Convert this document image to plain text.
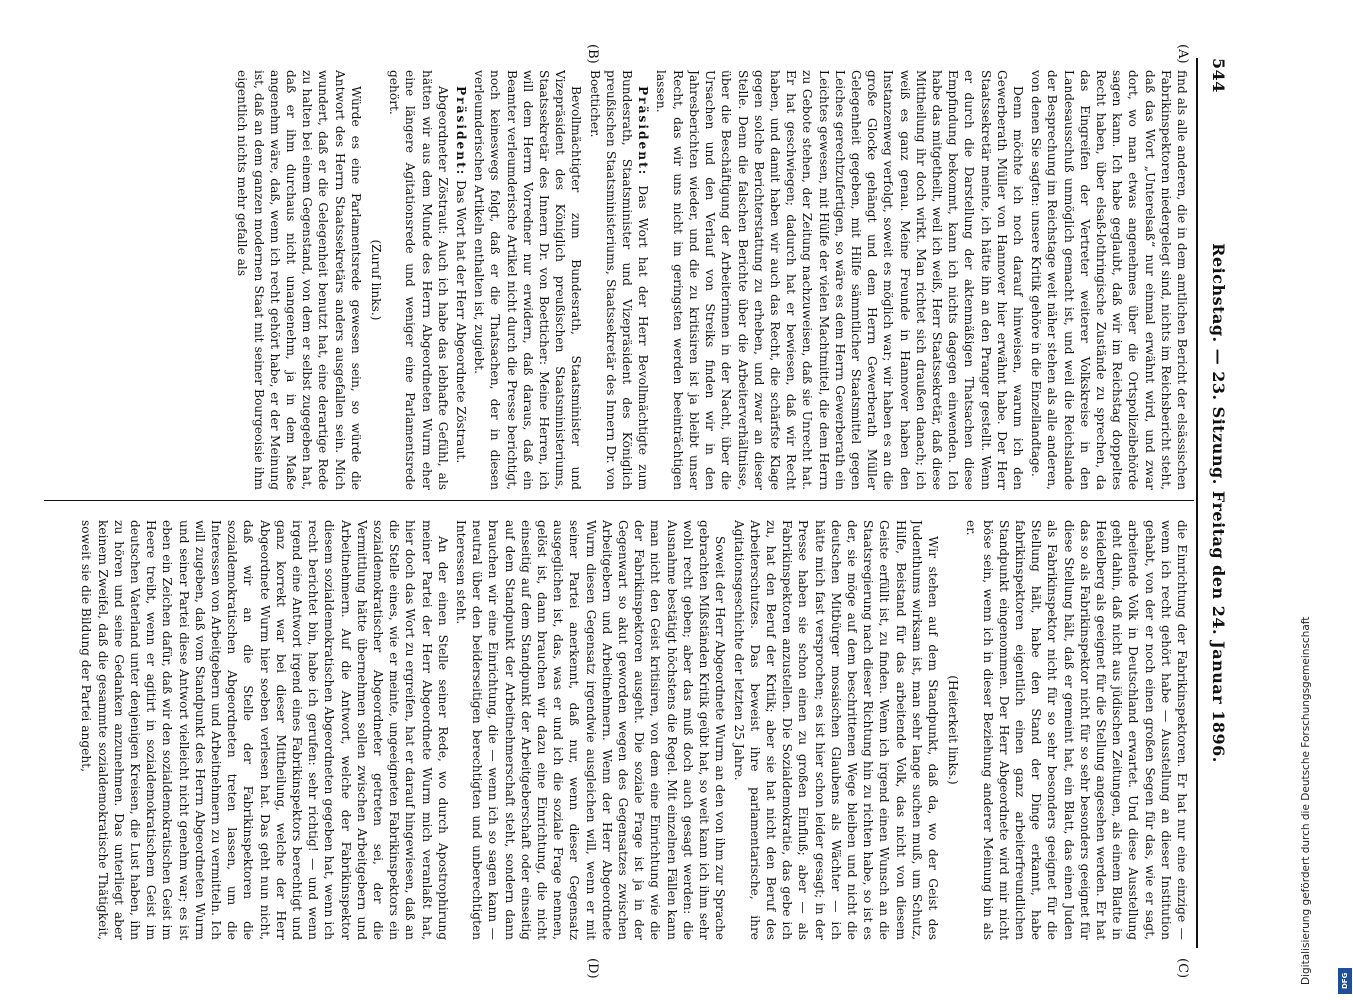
544
Reichstag. — 23. Sitzung. Freitag den 24. Januar 1896.
(A)
(B)
(C)
(D)

find als alle anderen, die in dem amtlichen Bericht der elsässischen Fabrikinspektoren niedergelegt sind, nichts im Reichsbericht steht, daß das Wort „Unterelsaß“ nur einmal erwähnt wird, und zwar dort, wo man etwas angenehmes über die Ortspolizeibehörde sagen kann. Ich habe geglaubt, daß wir im Reichstag doppeltes Recht haben, über elsaß-lothringische Zustände zu sprechen, da das Eingreifen der Vertreter weiterer Volkskreise in den Landesausschuß unmöglich gemacht ist, und weil die Reichslande der Besprechung im Reichstage weit näher stehen als alle anderen, von denen Sie sagten: unsere Kritik gehöre in die Einzellandtage.

Denn möchte ich noch darauf hinweisen, warum ich den Gewerberath Müller von Hannover hier erwähnt habe. Der Herr Staatssekretär meinte, ich hätte ihn an den Pranger gestellt. Wenn er durch die Darstellung der aktenmäßigen Thatsachen diese Empfindung bekommt, kann ich nichts dagegen einwenden. Ich habe das mitgetheilt, weil ich weiß, Herr Staatssekretär, daß diese Mittheilung ihr doch wirkt. Man richtet sich draußen danach; ich weiß es ganz genau. Meine Freunde in Hannover haben den Instanzenweg verfolgt, soweit es möglich war; wir haben es an die große Glocke gehängt und dem Herrn Gewerberath Müller Gelegenheit gegeben, mit Hilfe sämmtlicher Staatsmittel gegen Leiches gerechtzufertigen, so wäre es dem Herrn Gewerberath ein Leichtes gewesen, mit Hülfe der vielen Machtmittel, die dem Herrn zu Gebote stehen, der Zeitung nachzuweisen, daß sie Unrecht hat. Er hat geschwiegen; dadurch hat er bewiesen, daß wir Recht haben, und damit haben wir auch das Recht, die schärfste Klage gegen solche Berichterstattung zu erheben, und zwar an dieser Stelle. Denn die falschen Berichte über die Arbeiterverhältnisse, über die Beschäftigung der Arbeiterinnen in der Nacht, über die Ursachen und den Verlauf von Streiks finden wir in den Jahresberichten wieder, und die zu kritisiren ist ja bleibt unser Recht, das wir uns nicht im geringsten werden beeinträchtigen lassen.

Präsident: Das Wort hat der Herr Bevollmächtigte zum Bundesrath, Staatsminister und Vizepräsident des Königlich preußischen Staatsministeriums, Staatssekretär des Innern Dr. von Boetticher.

Bevollmächtigter zum Bundesrath, Staatsminister und Vizepräsident des Königlich preußischen Staatsministeriums, Staatssekretär des Innern Dr. von Boetticher: Meine Herren, ich will dem Herrn Vorredner nur erwidern, daß daraus, daß ein Beamter verleumderische Artikel nicht durch die Presse berichtigt, noch keineswegs folgt, daß er die Thatsachen, der in diesen verleumderischen Artikeln enthalten ist, zugiebt.

Präsident: Das Wort hat der Herr Abgeordnete Zöstraut.

Abgeordneter Zöstraut: Auch ich habe das lebhafte Gefühl, als hätten wir aus dem Munde des Herrn Abgeordneten Wurm eher eine längere Agitationsrede und weniger eine Parlamentsrede gehört.

(Zuruf links.)

Würde es eine Parlamentsrede gewesen sein, so würde die Antwort des Herrn Staatssekretärs anders ausgefallen sein. Mich wundert, daß er die Gelegenheit benutzt hat, eine derartige Rede zu halten bei einem Gegenstand, von dem er selbst zugegeben hat, daß er ihm durchaus nicht unangenehm, ja in dem Maße angenehm wäre, daß, wenn ich recht gehört habe, er der Meinung ist, daß an dem ganzen modernen Staat mit seiner Bourgeoisie ihm eigentlich nichts mehr gefalle als

die Einrichtung der Fabrikinspektoren. Er hat nur eine einzige — wenn ich recht gehört habe — Ausstellung an dieser Institution gehabt, von der er noch einen großen Segen für das, wie er sagt, arbeitende Volk in Deutschland erwartet. Und diese Ausstellung geht dahin, daß nicht aus jüdischen Zeitungen, als einem Blatte in Heidelberg als geeignet für die Stellung angesehen werden. Er hat das so als Fabrikinspektor nicht für so sehr besonders geeignet für diese Stellung hält, daß er gemeint hat, ein Blatt, das einen Juden als Fabrikinspektor nicht für so sehr besonders geeignet für die Stellung hält, habe den Stand der Dinge erkannt, habe fabrikinspektoren eigentlich einen ganz arbeiterfreundlichen Standpunkt eingenommen. Der Herr Abgeordnete wird mir nicht böse sein, wenn ich in dieser Beziehung anderer Meinung bin als er.

(Heiterkeit links.)

Wir stehen auf dem Standpunkt, daß da, wo der Geist des Judenthums wirksam ist, man sehr lange suchen muß, um Schutz, Hilfe, Beistand für das arbeitende Volk, das nicht von diesem Geiste erfüllt ist, zu finden. Wenn ich irgend einen Wunsch an die Staatsregierung nach dieser Richtung hin zu richten habe, so ist es der, sie möge auf dem beschrittenen Wege bleiben und nicht die deutschen Mitbürger mosaischen Glaubens als Wächter — ich hätte mich fast versprochen; es ist hier schon leider gesagt; in der Presse haben sie schon einen zu großen Einfluß; aber — als Fabrikinspektoren anzustellen. Die Sozialdemokratie, das gebe ich zu, hat den Beruf der Kritik; aber sie hat nicht den Beruf des Arbeiterschutzes. Das beweist ihre parlamentarische, ihre Agitationsgeschichte der letzten 25 Jahre.

Soweit der Herr Abgeordnete Wurm an den von ihm zur Sprache gebrachten Mißständen Kritik geübt hat, so weit kann ich ihm sehr wohl recht geben; aber das muß doch auch gesagt werden: die Ausnahme bestätigt höchstens die Regel. Mit einzelnen Fällen kann man nicht den Geist kritisiren, von dem eine Einrichtung wie die der Fabrikinspektoren ausgeht. Die soziale Frage ist ja in der Gegenwart so akut geworden wegen des Gegensatzes zwischen Arbeitgebern und Arbeitnehmern. Wenn der Herr Abgeordnete Wurm diesen Gegensatz irgendwie ausgleichen will, wenn er mit seiner Partei anerkennt, daß nur, wenn dieser Gegensatz ausgeglichen ist, das, was er und ich die soziale Frage nennen, gelöst ist, dann brauchen wir dazu eine Einrichtung, die nicht einseitig auf dem Standpunkt der Arbeitgeberschaft oder einseitig auf dem Standpunkt der Arbeitnehmerschaft steht, sondern dann brauchen wir eine Einrichtung, die — wenn ich so sagen kann — neutral über den beiderseitigen berechtigten und unberechtigten Interessen steht.

An der einen Stelle seiner Rede, wo durch Apostrophirung meiner Partei der Herr Abgeordnete Wurm mich veranlaßt hat, hier doch das Wort zu ergreifen, hat er darauf hingewiesen, daß an die Stelle eines, wie er meinte, ungeeigneten Fabrikinspektors ein sozialdemokratischer Abgeordneter getreten sei, der die Vermittlung hätte übernehmen sollen zwischen Arbeitgebern und Arbeitnehmern. Auf die Antwort, welche der Fabrikinspektor diesem sozialdemokratischen Abgeordneten gegeben hat, wenn ich recht berichtet bin, habe ich gerufen: sehr richtig! — und wenn irgend eine Antwort irgend eines Fabrikinspektors berechtigt und ganz korrekt war bei dieser Mittheilung, welche der Herr Abgeordnete Wurm hier soeben verlesen hat. Das geht nun nicht, daß wir an die Stelle der Fabrikinspektoren die sozialdemokratischen Abgeordneten treten lassen, um die Interessen von Arbeitgebern und Arbeitnehmern zu vermitteln. Ich will zugeben, daß vom Standpunkt des Herrn Abgeordneten Wurm und seiner Partei diese Antwort vielleicht nicht genehm war; es ist eben ein Zeichen dafür, daß wir den sozialdemokratischen Geist im Heere treibt, wenn er agitirt in sozialdemokratischem Geist im deutschen Vaterland unter denjenigen Kreisen, die Lust haben, ihn zu hören und seine Gedanken anzunehmen. Das unterliegt aber keinem Zweifel, daß die gesammte sozialdemokratische Thätigkeit, soweit sie die Bildung der Partei angeht,	Digitalisierung gefördert durch die Deutsche Forschungsgemeinschaft	DFG
